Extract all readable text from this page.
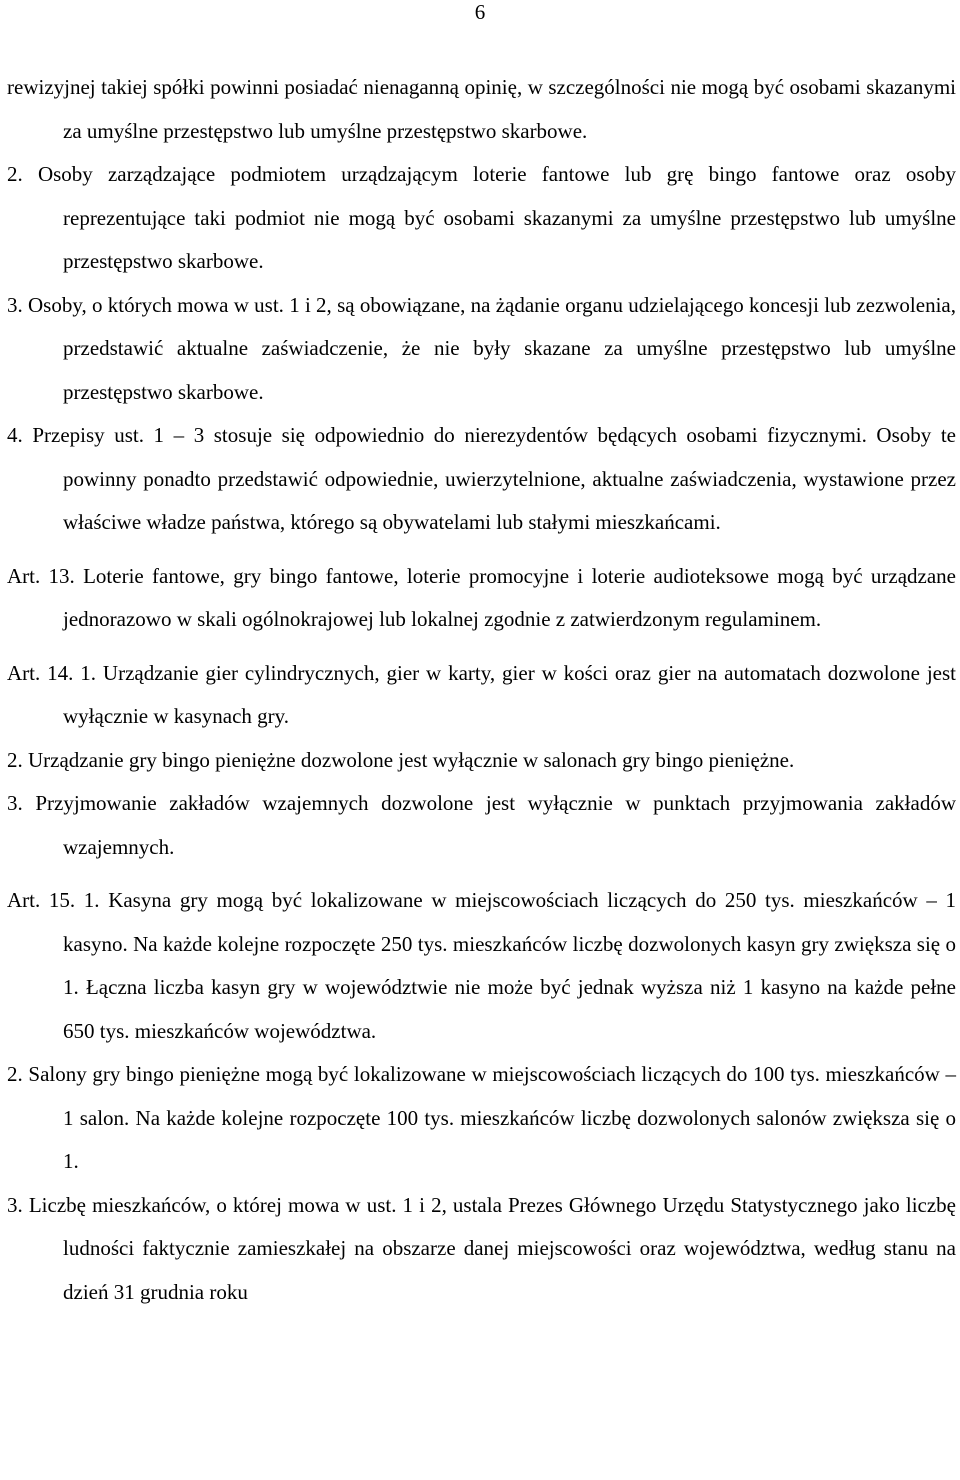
6

rewizyjnej takiej spółki powinni posiadać nienaganną opinię, w szczególności nie mogą być osobami skazanymi za umyślne przestępstwo lub umyślne przestępstwo skarbowe.

2. Osoby zarządzające podmiotem urządzającym loterie fantowe lub grę bingo fantowe oraz osoby reprezentujące taki podmiot nie mogą być osobami skazanymi za umyślne przestępstwo lub umyślne przestępstwo skarbowe.

3. Osoby, o których mowa w ust. 1 i 2, są obowiązane, na żądanie organu udzielającego koncesji lub zezwolenia, przedstawić aktualne zaświadczenie, że nie były skazane za umyślne przestępstwo lub umyślne przestępstwo skarbowe.

4. Przepisy ust. 1 – 3 stosuje się odpowiednio do nierezydentów będących osobami fizycznymi. Osoby te powinny ponadto przedstawić odpowiednie, uwierzytelnione, aktualne zaświadczenia, wystawione przez właściwe władze państwa, którego są obywatelami lub stałymi mieszkańcami.

Art. 13. Loterie fantowe, gry bingo fantowe, loterie promocyjne i loterie audioteksowe mogą być urządzane jednorazowo w skali ogólnokrajowej lub lokalnej zgodnie z zatwierdzonym regulaminem.

Art. 14. 1. Urządzanie gier cylindrycznych, gier w karty, gier w kości oraz gier na automatach dozwolone jest wyłącznie w kasynach gry.

2. Urządzanie gry bingo pieniężne dozwolone jest wyłącznie w salonach gry bingo pieniężne.

3. Przyjmowanie zakładów wzajemnych dozwolone jest wyłącznie w punktach przyjmowania zakładów wzajemnych.

Art. 15. 1. Kasyna gry mogą być lokalizowane w miejscowościach liczących do 250 tys. mieszkańców – 1 kasyno. Na każde kolejne rozpoczęte 250 tys. mieszkańców liczbę dozwolonych kasyn gry zwiększa się o 1. Łączna liczba kasyn gry w województwie nie może być jednak wyższa niż 1 kasyno na każde pełne 650 tys. mieszkańców województwa.

2. Salony gry bingo pieniężne mogą być lokalizowane w miejscowościach liczących do 100 tys. mieszkańców – 1 salon. Na każde kolejne rozpoczęte 100 tys. mieszkańców liczbę dozwolonych salonów zwiększa się o 1.

3. Liczbę mieszkańców, o której mowa w ust. 1 i 2, ustala Prezes Głównego Urzędu Statystycznego jako liczbę ludności faktycznie zamieszkałej na obszarze danej miejscowości oraz województwa, według stanu na dzień 31 grudnia roku
